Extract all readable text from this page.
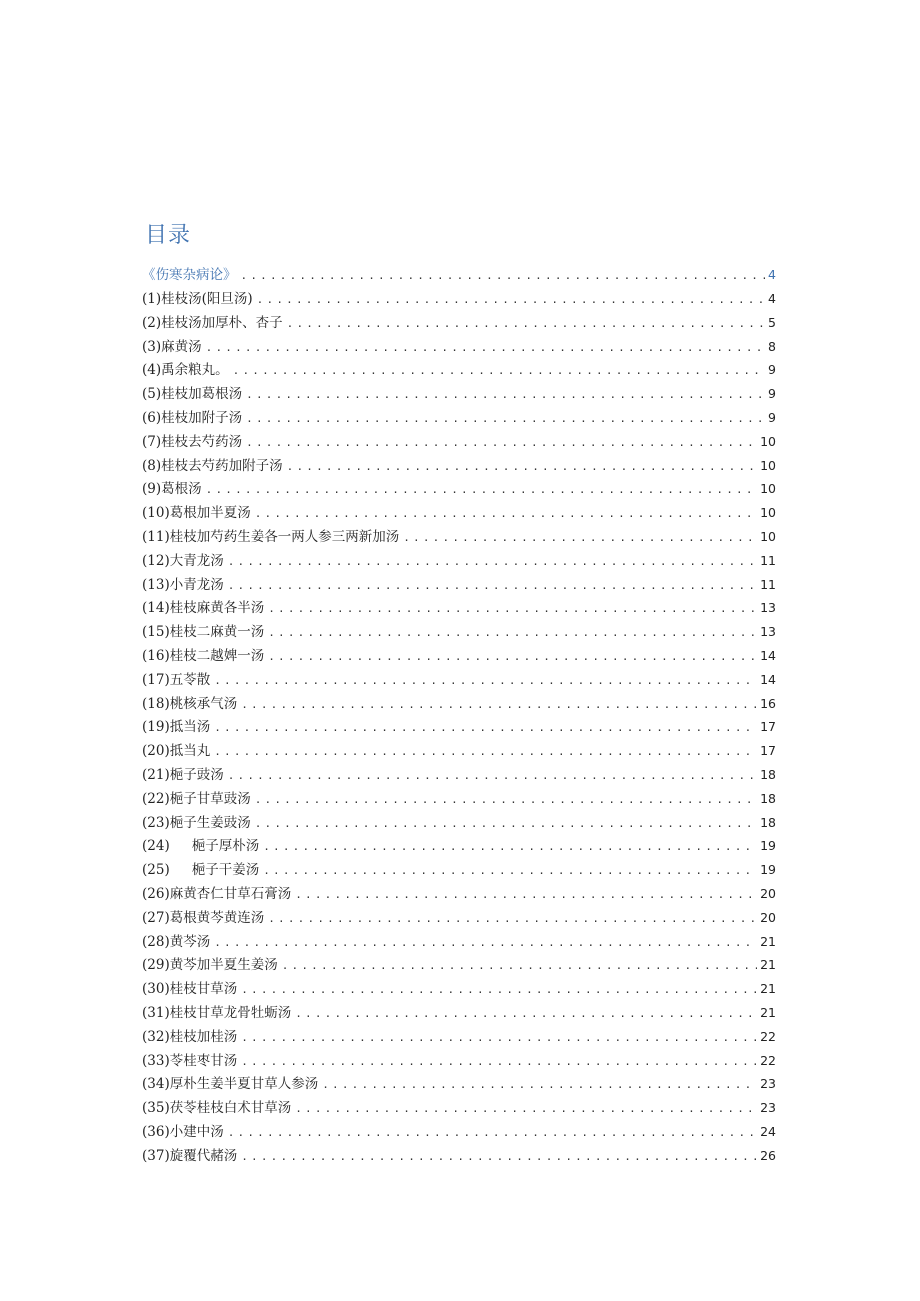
目录
《伤寒杂病论》 .....	4
(1)桂枝汤(阳旦汤) .....	4
(2)桂枝汤加厚朴、杏子 .....	5
(3)麻黄汤 .....	8
(4)禹余粮丸。 .....	9
(5)桂枝加葛根汤 .....	9
(6)桂枝加附子汤 .....	9
(7)桂枝去芍药汤 .....	10
(8)桂枝去芍药加附子汤 .....	10
(9)葛根汤 .....	10
(10)葛根加半夏汤 .....	10
(11)桂枝加芍药生姜各一两人参三两新加汤 .....	10
(12)大青龙汤 .....	11
(13)小青龙汤 .....	11
(14)桂枝麻黄各半汤 .....	13
(15)桂枝二麻黄一汤 .....	13
(16)桂枝二越婢一汤 .....	14
(17)五苓散 .....	14
(18)桃核承气汤 .....	16
(19)抵当汤 .....	17
(20)抵当丸 .....	17
(21)梔子豉汤 .....	18
(22)梔子甘草豉汤 .....	18
(23)梔子生姜豉汤 .....	18
(24) 梔子厚朴汤 .....	19
(25) 梔子干姜汤 .....	19
(26)麻黄杏仁甘草石膏汤 .....	20
(27)葛根黄芩黄连汤 .....	20
(28)黄芩汤 .....	21
(29)黄芩加半夏生姜汤 .....	21
(30)桂枝甘草汤 .....	21
(31)桂枝甘草龙骨牡蛎汤 .....	21
(32)桂枝加桂汤 .....	22
(33)苓桂枣甘汤 .....	22
(34)厚朴生姜半夏甘草人参汤 .....	23
(35)茯苓桂枝白术甘草汤 .....	23
(36)小建中汤 .....	24
(37)旋覆代赭汤 .....	26
